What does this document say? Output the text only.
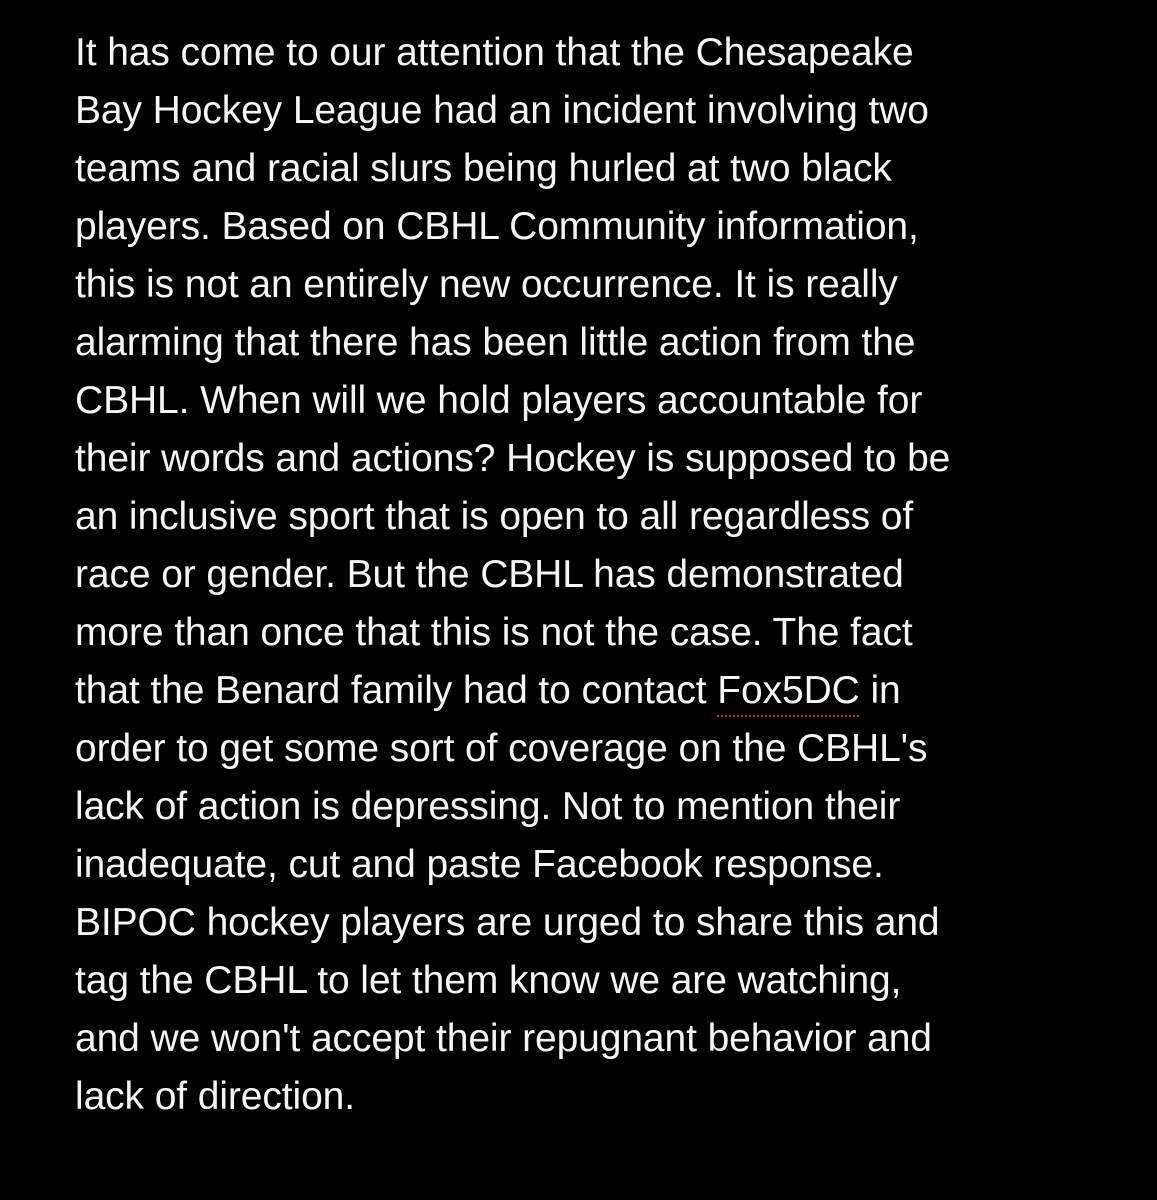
It has come to our attention that the Chesapeake
Bay Hockey League had an incident involving two
teams and racial slurs being hurled at two black
players. Based on CBHL Community information,
this is not an entirely new occurrence. It is really
alarming that there has been little action from the
CBHL. When will we hold players accountable for
their words and actions? Hockey is supposed to be
an inclusive sport that is open to all regardless of
race or gender. But the CBHL has demonstrated
more than once that this is not the case. The fact
that the Benard family had to contact Fox5DC in
order to get some sort of coverage on the CBHL's
lack of action is depressing. Not to mention their
inadequate, cut and paste Facebook response.
BIPOC hockey players are urged to share this and
tag the CBHL to let them know we are watching,
and we won't accept their repugnant behavior and
lack of direction.
